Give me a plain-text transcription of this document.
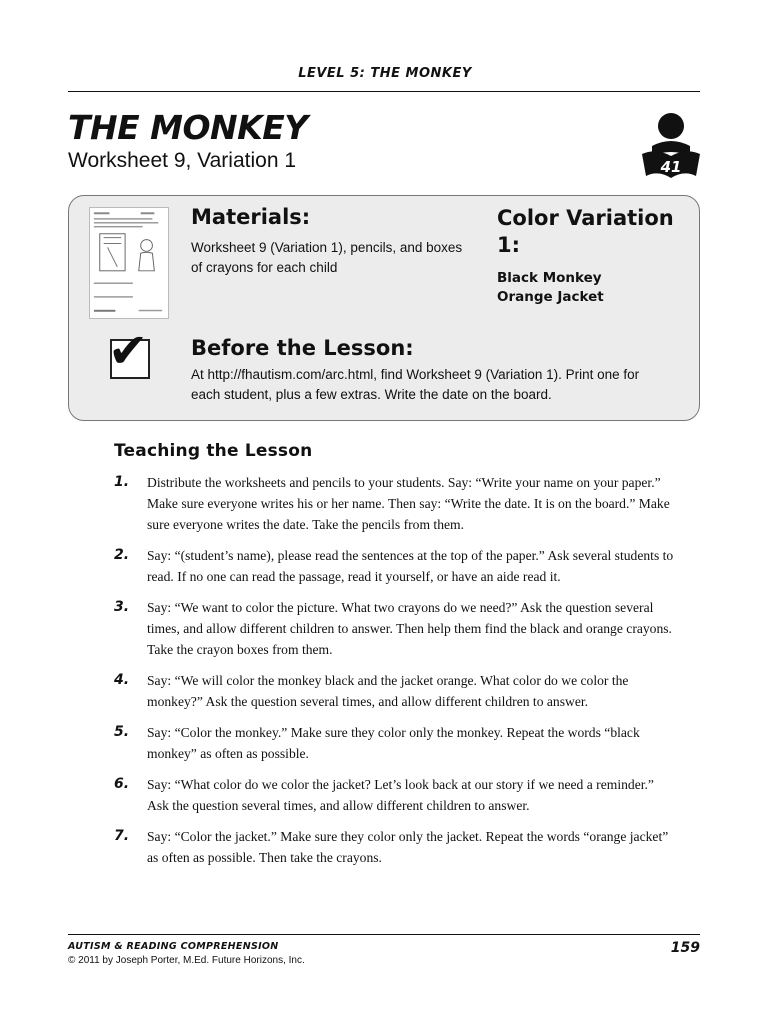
LEVEL 5: THE MONKEY
THE MONKEY
Worksheet 9, Variation 1	41
✔
Materials:
Worksheet 9 (Variation 1), pencils, and boxes of crayons for each child
Color Variation 1:
Black Monkey
Orange Jacket
Before the Lesson:
At http://fhautism.com/arc.html, find Worksheet 9 (Variation 1). Print one for each student, plus a few extras. Write the date on the board.
Teaching the Lesson
1.	Distribute the worksheets and pencils to your students. Say: “Write your name on your paper.” Make sure everyone writes his or her name. Then say: “Write the date. It is on the board.” Make sure everyone writes the date. Take the pencils from them.
2.	Say: “(student’s name), please read the sentences at the top of the paper.” Ask several students to read. If no one can read the passage, read it yourself, or have an aide read it.
3.	Say: “We want to color the picture. What two crayons do we need?” Ask the question several times, and allow different children to answer. Then help them find the black and orange crayons. Take the crayon boxes from them.
4.	Say: “We will color the monkey black and the jacket orange. What color do we color the monkey?” Ask the question several times, and allow different children to answer.
5.	Say: “Color the monkey.” Make sure they color only the monkey. Repeat the words “black monkey” as often as possible.
6.	Say: “What color do we color the jacket? Let’s look back at our story if we need a reminder.” Ask the question several times, and allow different children to answer.
7.	Say: “Color the jacket.” Make sure they color only the jacket. Repeat the words “orange jacket” as often as possible. Then take the crayons.
AUTISM & READING COMPREHENSION
© 2011 by Joseph Porter, M.Ed. Future Horizons, Inc.
159
